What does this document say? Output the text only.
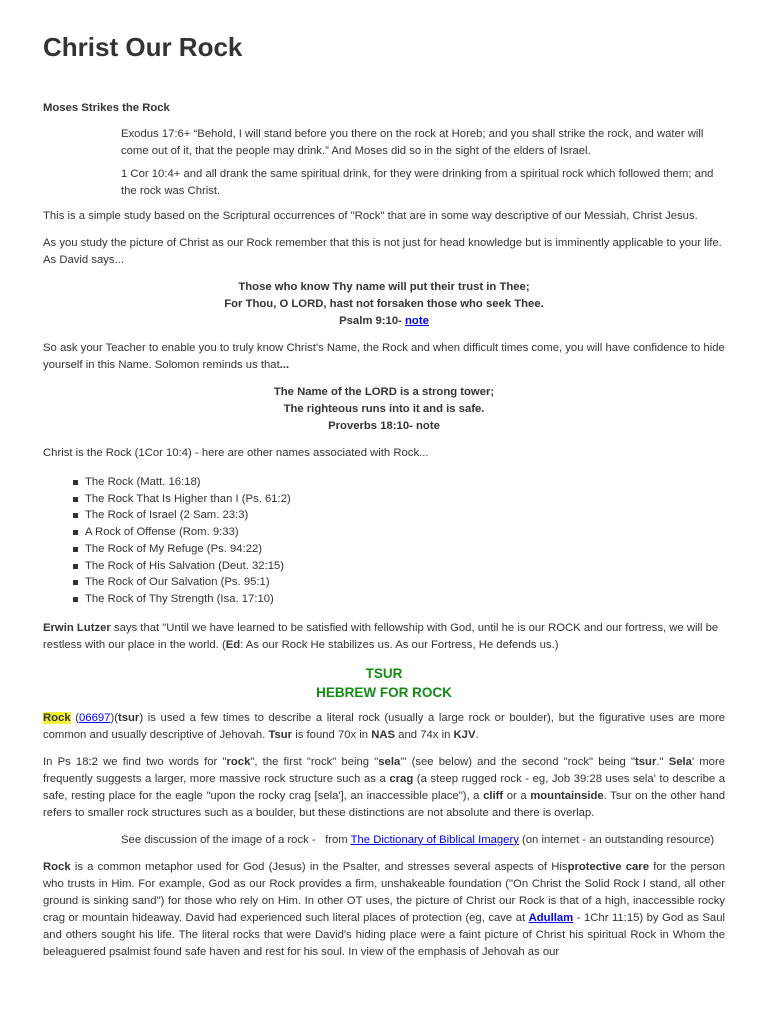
Christ Our Rock

Moses Strikes the Rock

Exodus 17:6+ “Behold, I will stand before you there on the rock at Horeb; and you shall strike the rock, and water will come out of it, that the people may drink.” And Moses did so in the sight of the elders of Israel.

1 Cor 10:4+ and all drank the same spiritual drink, for they were drinking from a spiritual rock which followed them; and the rock was Christ.

This is a simple study based on the Scriptural occurrences of "Rock" that are in some way descriptive of our Messiah, Christ Jesus.

As you study the picture of Christ as our Rock remember that this is not just for head knowledge but is imminently applicable to your life. As David says...

Those who know Thy name will put their trust in Thee;
For Thou, O LORD, hast not forsaken those who seek Thee.
Psalm 9:10- note

So ask your Teacher to enable you to truly know Christ's Name, the Rock and when difficult times come, you will have confidence to hide yourself in this Name. Solomon reminds us that...

The Name of the LORD is a strong tower;
The righteous runs into it and is safe.
Proverbs 18:10- note

Christ is the Rock (1Cor 10:4) - here are other names associated with Rock...

The Rock (Matt. 16:18)
The Rock That Is Higher than I (Ps. 61:2)
The Rock of Israel (2 Sam. 23:3)
A Rock of Offense (Rom. 9:33)
The Rock of My Refuge (Ps. 94:22)
The Rock of His Salvation (Deut. 32:15)
The Rock of Our Salvation (Ps. 95:1)
The Rock of Thy Strength (Isa. 17:10)

Erwin Lutzer says that "Until we have learned to be satisfied with fellowship with God, until he is our ROCK and our fortress, we will be restless with our place in the world. (Ed: As our Rock He stabilizes us. As our Fortress, He defends us.)

TSUR
HEBREW FOR ROCK

Rock (06697)(tsur) is used a few times to describe a literal rock (usually a large rock or boulder), but the figurative uses are more common and usually descriptive of Jehovah. Tsur is found 70x in NAS and 74x in KJV.

In Ps 18:2 we find two words for "rock", the first "rock" being "sela'" (see below) and the second "rock" being "tsur." Sela' more frequently suggests a larger, more massive rock structure such as a crag (a steep rugged rock - eg, Job 39:28 uses sela' to describe a safe, resting place for the eagle "upon the rocky crag [sela'], an inaccessible place"), a cliff or a mountainside. Tsur on the other hand refers to smaller rock structures such as a boulder, but these distinctions are not absolute and there is overlap.

See discussion of the image of a rock -   from The Dictionary of Biblical Imagery (on internet - an outstanding resource)

Rock is a common metaphor used for God (Jesus) in the Psalter, and stresses several aspects of Hisprotective care for the person who trusts in Him. For example, God as our Rock provides a firm, unshakeable foundation ("On Christ the Solid Rock I stand, all other ground is sinking sand") for those who rely on Him. In other OT uses, the picture of Christ our Rock is that of a high, inaccessible rocky crag or mountain hideaway. David had experienced such literal places of protection (eg, cave at Adullam - 1Chr 11:15) by God as Saul and others sought his life. The literal rocks that were David's hiding place were a faint picture of Christ his spiritual Rock in Whom the beleaguered psalmist found safe haven and rest for his soul. In view of the emphasis of Jehovah as our
